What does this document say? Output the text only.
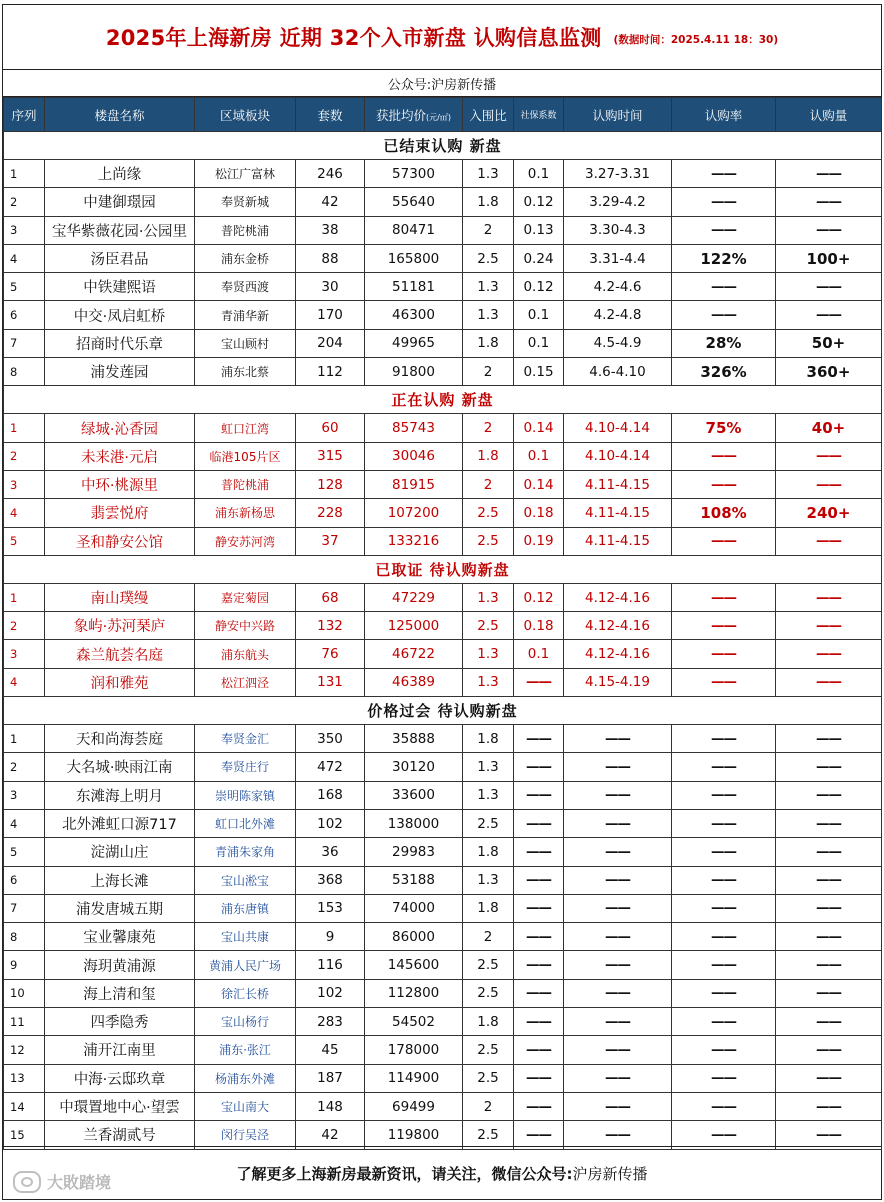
2025年上海新房 近期 32个入市新盘 认购信息监测 (数据时间：2025.4.11 18：30)
公众号:沪房新传播
序列	楼盘名称	区域板块	套数	获批均价(元/㎡)	入围比	社保系数	认购时间	认购率	认购量
已结束认购 新盘									
1	上尚缘	松江广富林	246	57300	1.3	0.1	3.27-3.31	——	——
2	中建御璟园	奉贤新城	42	55640	1.8	0.12	3.29-4.2	——	——
3	宝华紫薇花园·公园里	普陀桃浦	38	80471	2	0.13	3.30-4.3	——	——
4	汤臣君品	浦东金桥	88	165800	2.5	0.24	3.31-4.4	122%	100+
5	中铁建熙语	奉贤西渡	30	51181	1.3	0.12	4.2-4.6	——	——
6	中交·凤启虹桥	青浦华新	170	46300	1.3	0.1	4.2-4.8	——	——
7	招商时代乐章	宝山顾村	204	49965	1.8	0.1	4.5-4.9	28%	50+
8	浦发莲园	浦东北蔡	112	91800	2	0.15	4.6-4.10	326%	360+
正在认购 新盘									
1	绿城·沁香园	虹口江湾	60	85743	2	0.14	4.10-4.14	75%	40+
2	未来港·元启	临港105片区	315	30046	1.8	0.1	4.10-4.14	——	——
3	中环·桃源里	普陀桃浦	128	81915	2	0.14	4.11-4.15	——	——
4	翡雲悦府	浦东新杨思	228	107200	2.5	0.18	4.11-4.15	108%	240+
5	圣和静安公馆	静安苏河湾	37	133216	2.5	0.19	4.11-4.15	——	——
已取证 待认购新盘									
1	南山璞缦	嘉定菊园	68	47229	1.3	0.12	4.12-4.16	——	——
2	象屿·苏河琹庐	静安中兴路	132	125000	2.5	0.18	4.12-4.16	——	——
3	森兰航荟名庭	浦东航头	76	46722	1.3	0.1	4.12-4.16	——	——
4	润和雅苑	松江泗泾	131	46389	1.3	——	4.15-4.19	——	——
价格过会 待认购新盘									
1	天和尚海荟庭	奉贤金汇	350	35888	1.8	——	——	——	——
2	大名城·映雨江南	奉贤庄行	472	30120	1.3	——	——	——	——
3	东滩海上明月	崇明陈家镇	168	33600	1.3	——	——	——	——
4	北外滩虹口源717	虹口北外滩	102	138000	2.5	——	——	——	——
5	淀湖山庄	青浦朱家角	36	29983	1.8	——	——	——	——
6	上海长滩	宝山淞宝	368	53188	1.3	——	——	——	——
7	浦发唐城五期	浦东唐镇	153	74000	1.8	——	——	——	——
8	宝业馨康苑	宝山共康	9	86000	2	——	——	——	——
9	海玥黄浦源	黄浦人民广场	116	145600	2.5	——	——	——	——
10	海上清和玺	徐汇长桥	102	112800	2.5	——	——	——	——
11	四季隐秀	宝山杨行	283	54502	1.8	——	——	——	——
12	浦开江南里	浦东·张江	45	178000	2.5	——	——	——	——
13	中海·云邸玖章	杨浦东外滩	187	114900	2.5	——	——	——	——
14	中環置地中心·望雲	宝山南大	148	69499	2	——	——	——	——
15	兰香湖贰号	闵行吴泾	42	119800	2.5	——	——	——	——
了解更多上海新房最新资讯，请关注，微信公众号: 沪房新传播
大敗踏境
